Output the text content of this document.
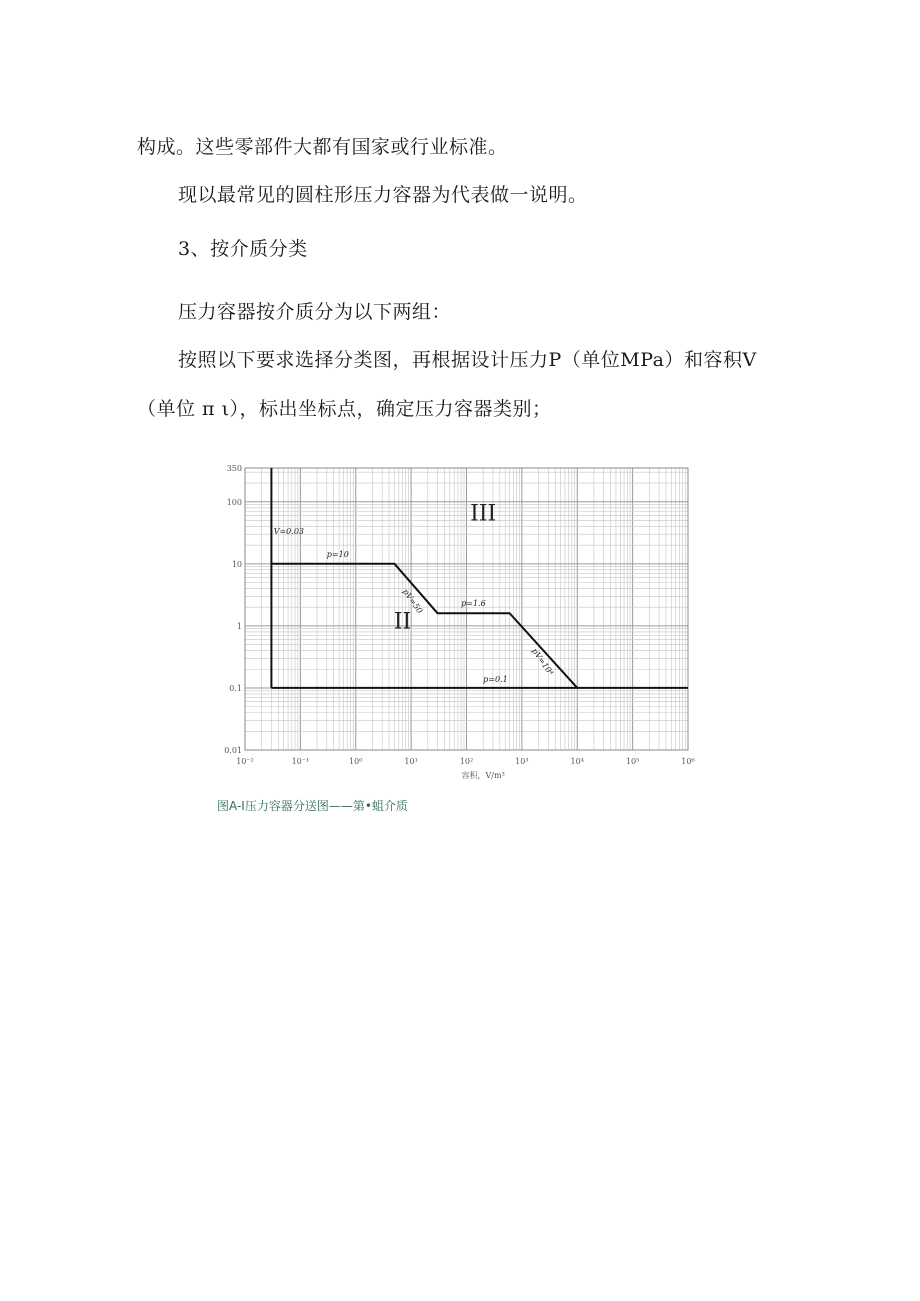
构成。这些零部件大都有国家或行业标准。

现以最常见的圆柱形压力容器为代表做一说明。

3、按介质分类

压力容器按介质分为以下两组：

按照以下要求选择分类图，再根据设计压力P（单位MPa）和容积V

（单位 π ι），标出坐标点，确定压力容器类别；

10⁻²	10⁻¹	10⁰	10¹	10²	10³	10⁴	10⁵	10⁶
350
100
10
1
0.1
0.01
容积，V/m³
V=0.03
p=10
pV=50	p=1.6
pV=10⁴
p=0.1
III
II

图A-I压力容器分送图——第•蛆介质
